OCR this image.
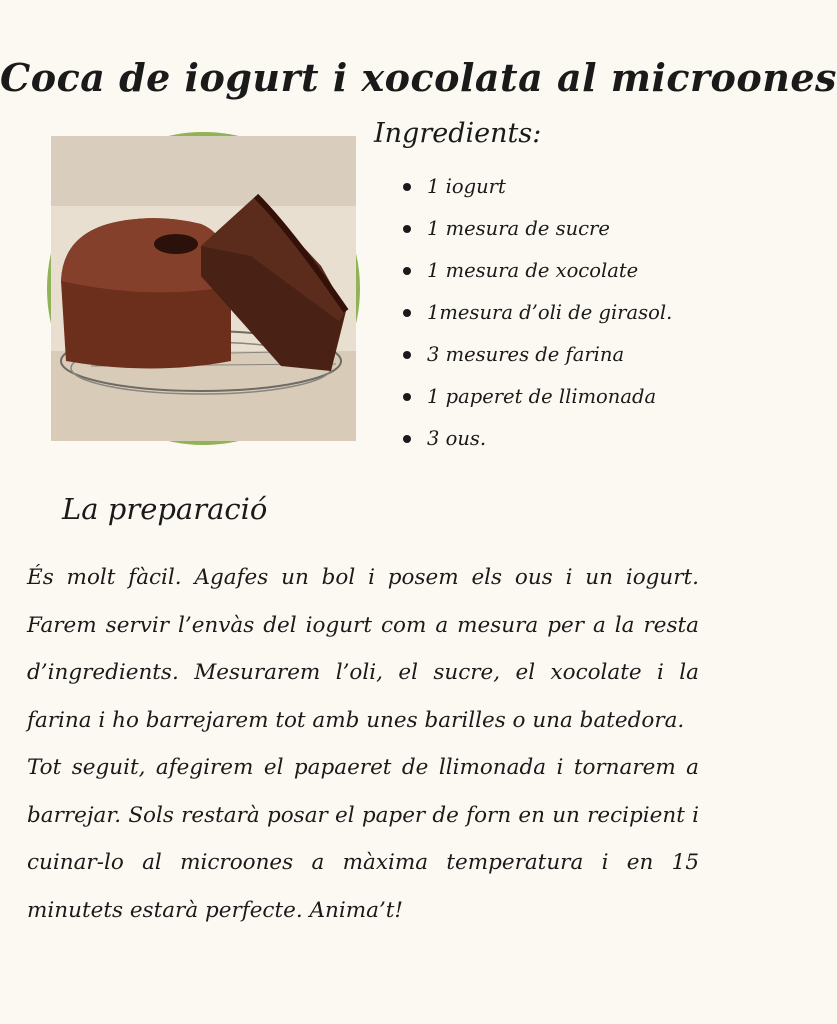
Coca de iogurt i xocolata al microones
Ingredients:
1 iogurt
1 mesura de sucre
1 mesura de xocolate
1mesura d’oli de girasol.
3 mesures de farina
1 paperet de llimonada
3 ous.
La preparació

És molt fàcil. Agafes un bol i posem els ous i un iogurt. Farem servir l’envàs del iogurt com a mesura per a la resta d’ingredients. Mesurarem l’oli, el sucre, el xocolate i la farina i ho barrejarem tot amb unes barilles o una batedora.

Tot seguit, afegirem el papaeret de llimonada i tornarem a barrejar. Sols restarà posar el paper de forn en un recipient i cuinar-lo al microones a màxima temperatura i en 15 minutets estarà perfecte. Anima’t!
